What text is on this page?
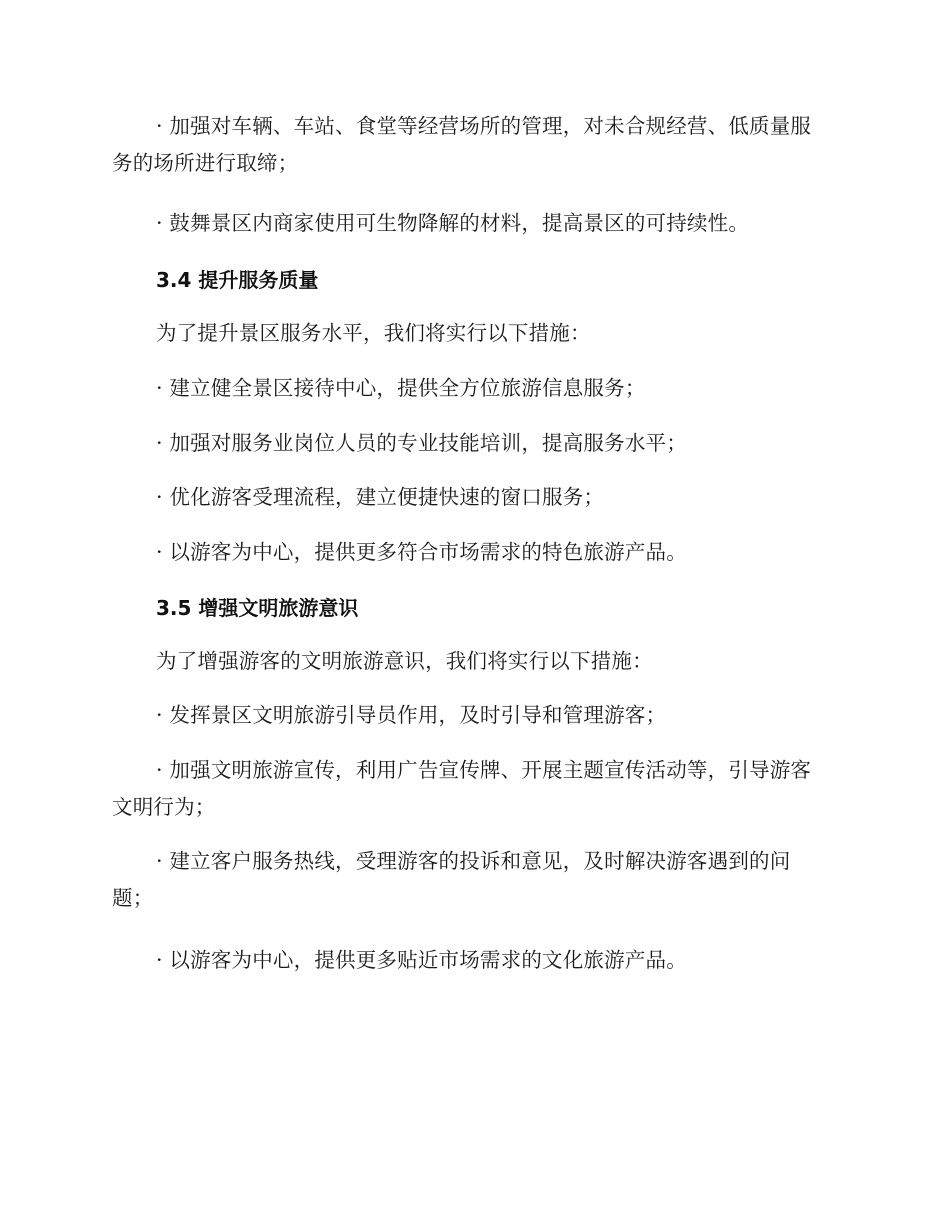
· 加强对车辆、车站、食堂等经营场所的管理，对未合规经营、低质量服务的场所进行取缔；

· 鼓舞景区内商家使用可生物降解的材料，提高景区的可持续性。

3.4 提升服务质量

为了提升景区服务水平，我们将实行以下措施：

· 建立健全景区接待中心，提供全方位旅游信息服务；

· 加强对服务业岗位人员的专业技能培训，提高服务水平；

· 优化游客受理流程，建立便捷快速的窗口服务；

· 以游客为中心，提供更多符合市场需求的特色旅游产品。

3.5 增强文明旅游意识

为了增强游客的文明旅游意识，我们将实行以下措施：

· 发挥景区文明旅游引导员作用，及时引导和管理游客；

· 加强文明旅游宣传，利用广告宣传牌、开展主题宣传活动等，引导游客文明行为；

· 建立客户服务热线，受理游客的投诉和意见，及时解决游客遇到的问题；

· 以游客为中心，提供更多贴近市场需求的文化旅游产品。
